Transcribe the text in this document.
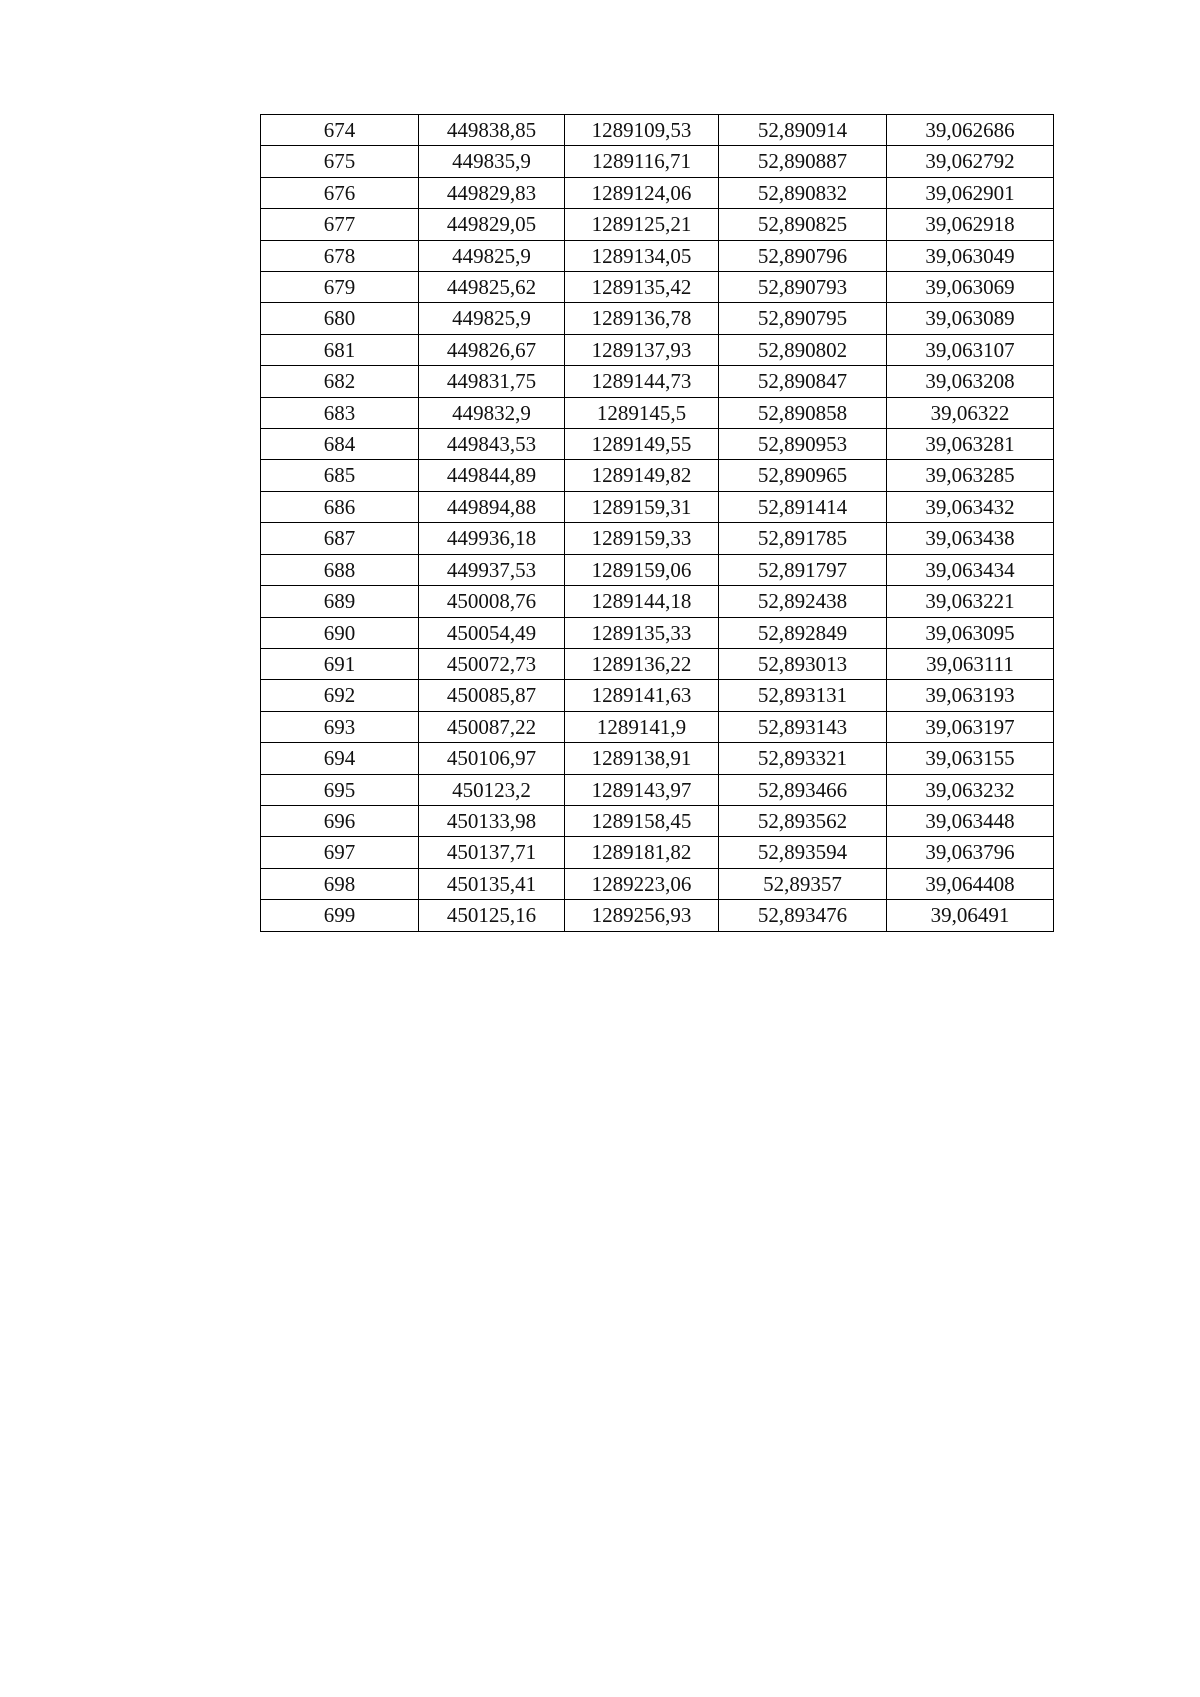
674	449838,85	1289109,53	52,890914	39,062686
675	449835,9	1289116,71	52,890887	39,062792
676	449829,83	1289124,06	52,890832	39,062901
677	449829,05	1289125,21	52,890825	39,062918
678	449825,9	1289134,05	52,890796	39,063049
679	449825,62	1289135,42	52,890793	39,063069
680	449825,9	1289136,78	52,890795	39,063089
681	449826,67	1289137,93	52,890802	39,063107
682	449831,75	1289144,73	52,890847	39,063208
683	449832,9	1289145,5	52,890858	39,06322
684	449843,53	1289149,55	52,890953	39,063281
685	449844,89	1289149,82	52,890965	39,063285
686	449894,88	1289159,31	52,891414	39,063432
687	449936,18	1289159,33	52,891785	39,063438
688	449937,53	1289159,06	52,891797	39,063434
689	450008,76	1289144,18	52,892438	39,063221
690	450054,49	1289135,33	52,892849	39,063095
691	450072,73	1289136,22	52,893013	39,063111
692	450085,87	1289141,63	52,893131	39,063193
693	450087,22	1289141,9	52,893143	39,063197
694	450106,97	1289138,91	52,893321	39,063155
695	450123,2	1289143,97	52,893466	39,063232
696	450133,98	1289158,45	52,893562	39,063448
697	450137,71	1289181,82	52,893594	39,063796
698	450135,41	1289223,06	52,89357	39,064408
699	450125,16	1289256,93	52,893476	39,06491
